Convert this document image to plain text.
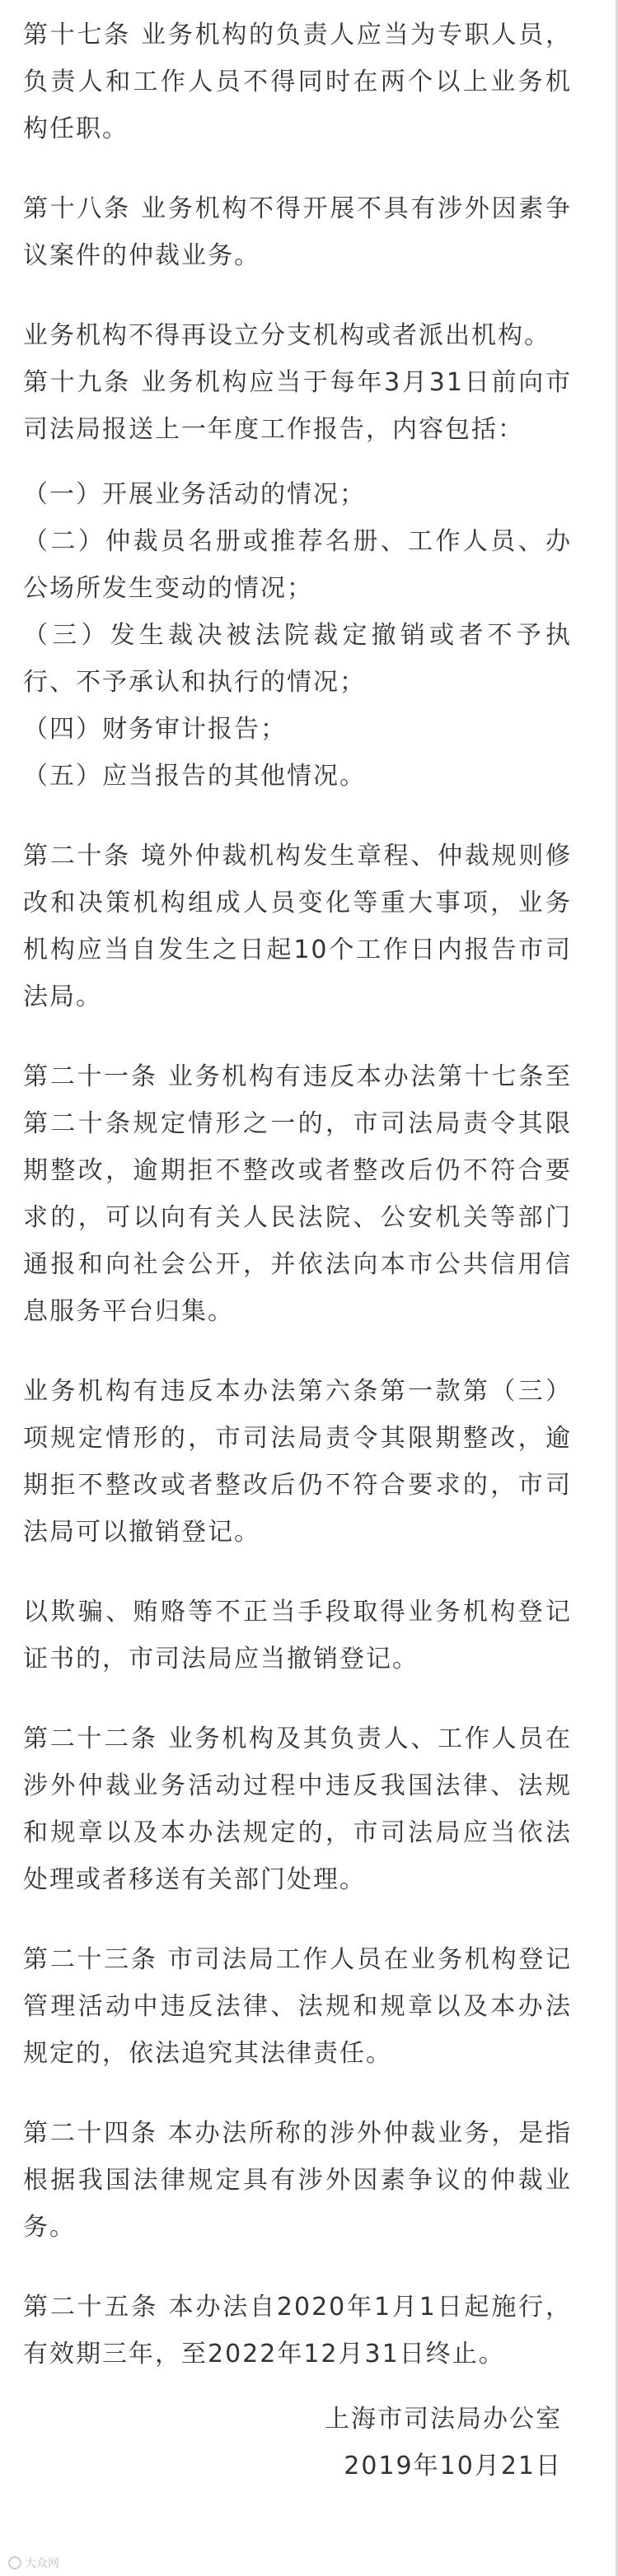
第十七条 业务机构的负责人应当为专职人员，负责人和工作人员不得同时在两个以上业务机构任职。

第十八条 业务机构不得开展不具有涉外因素争议案件的仲裁业务。

业务机构不得再设立分支机构或者派出机构。

第十九条 业务机构应当于每年3月31日前向市司法局报送上一年度工作报告，内容包括：

（一）开展业务活动的情况；

（二）仲裁员名册或推荐名册、工作人员、办公场所发生变动的情况；

（三）发生裁决被法院裁定撤销或者不予执行、不予承认和执行的情况；

（四）财务审计报告；

（五）应当报告的其他情况。

第二十条 境外仲裁机构发生章程、仲裁规则修改和决策机构组成人员变化等重大事项，业务机构应当自发生之日起10个工作日内报告市司法局。

第二十一条 业务机构有违反本办法第十七条至第二十条规定情形之一的，市司法局责令其限期整改，逾期拒不整改或者整改后仍不符合要求的，可以向有关人民法院、公安机关等部门通报和向社会公开，并依法向本市公共信用信息服务平台归集。

业务机构有违反本办法第六条第一款第（三）项规定情形的，市司法局责令其限期整改，逾期拒不整改或者整改后仍不符合要求的，市司法局可以撤销登记。

以欺骗、贿赂等不正当手段取得业务机构登记证书的，市司法局应当撤销登记。

第二十二条 业务机构及其负责人、工作人员在涉外仲裁业务活动过程中违反我国法律、法规和规章以及本办法规定的，市司法局应当依法处理或者移送有关部门处理。

第二十三条 市司法局工作人员在业务机构登记管理活动中违反法律、法规和规章以及本办法规定的，依法追究其法律责任。

第二十四条 本办法所称的涉外仲裁业务，是指根据我国法律规定具有涉外因素争议的仲裁业务。

第二十五条 本办法自2020年1月1日起施行，有效期三年，至2022年12月31日终止。

上海市司法局办公室

2019年10月21日

大众网
